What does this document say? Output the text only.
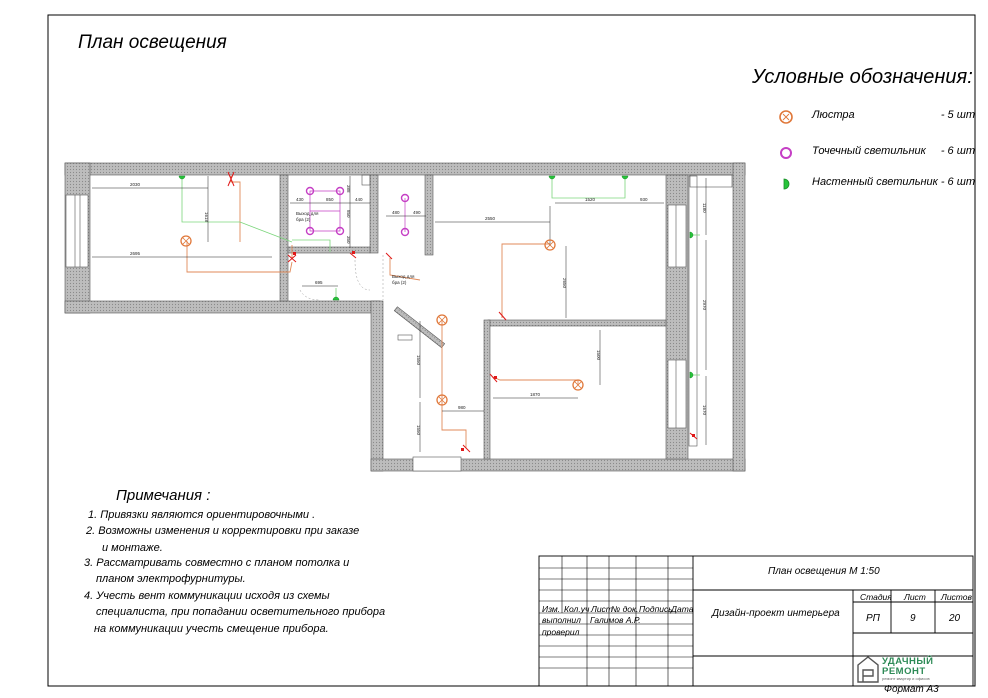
2030
1618
2695
695
430	850	440
480	490
388
850
350
2550
1520	930
2650
1180
2970
1670
1550
1870
980
1550
1500
Выход для
бра (2)
Выход для
бра (2)
План освещения
Условные обозначения:
Люстра	- 5 шт
Точечный светильник - 6 шт
Настенный светильник - 6 шт
Примечания :
1. Привязки являются ориентировочными .
2. Возможны изменения и корректировки при заказе
и монтаже.
3. Рассматривать совместно с планом потолка и
планом электрофурнитуры.
4. Учесть вент коммуникации исходя из схемы
специалиста, при попадании осветительного прибора
на коммуникации учесть смещение прибора.
План освещения М 1:50
Дизайн-проект интерьера
Изм. Кол.уч Лист
№ док. Подпись
Дата
выполнил Галимов А.Р.
проверил
Стадия Лист Листов
РП	9	20
УДАЧНЫЙ
РЕМОНТ
ремонт квартир и офисов
Формат А3
